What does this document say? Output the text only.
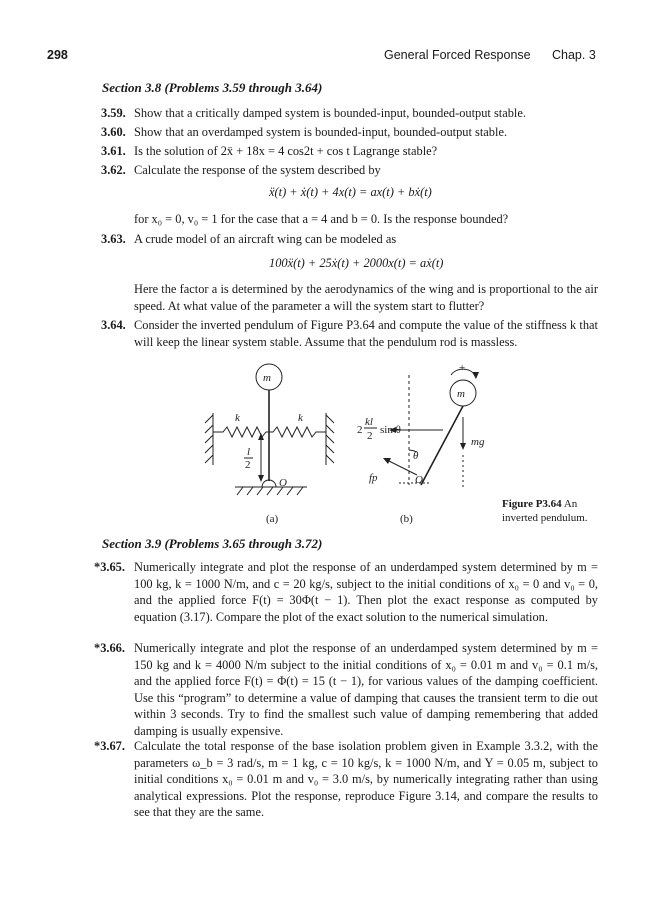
298	General Forced Response Chap. 3
Section 3.8 (Problems 3.59 through 3.64)
3.59. Show that a critically damped system is bounded-input, bounded-output stable.
3.60. Show that an overdamped system is bounded-input, bounded-output stable.
3.61. Is the solution of 2ẍ + 18x = 4 cos2t + cos t Lagrange stable?
3.62. Calculate the response of the system described by
ẍ(t) + ẋ(t) + 4x(t) = ax(t) + bẋ(t)
for x₀ = 0, v₀ = 1 for the case that a = 4 and b = 0. Is the response bounded?
3.63. A crude model of an aircraft wing can be modeled as
100ẍ(t) + 25ẋ(t) + 2000x(t) = aẋ(t)
Here the factor a is determined by the aerodynamics of the wing and is proportional to the air speed. At what value of the parameter a will the system start to flutter?
3.64. Consider the inverted pendulum of Figure P3.64 and compute the value of the stiffness k that will keep the linear system stable. Assume that the pendulum rod is massless.
m
k	k
l
2
O
m
+
2
kl
2 sin θ
θ
mg
fp	O
(a)	(b)
Figure P3.64 An inverted pendulum.
Section 3.9 (Problems 3.65 through 3.72)
*3.65. Numerically integrate and plot the response of an underdamped system determined by m = 100 kg, k = 1000 N/m, and c = 20 kg/s, subject to the initial conditions of x₀ = 0 and v₀ = 0, and the applied force F(t) = 30Φ(t − 1). Then plot the exact response as computed by equation (3.17). Compare the plot of the exact solution to the numerical simulation.
*3.66. Numerically integrate and plot the response of an underdamped system determined by m = 150 kg and k = 4000 N/m subject to the initial conditions of x₀ = 0.01 m and v₀ = 0.1 m/s, and the applied force F(t) = Φ(t) = 15 (t − 1), for various values of the damping coefficient. Use this “program” to determine a value of damping that causes the transient term to die out within 3 seconds. Try to find the smallest such value of damping remembering that added damping is usually expensive.
*3.67. Calculate the total response of the base isolation problem given in Example 3.3.2, with the parameters ω_b = 3 rad/s, m = 1 kg, c = 10 kg/s, k = 1000 N/m, and Y = 0.05 m, subject to initial conditions x₀ = 0.01 m and v₀ = 3.0 m/s, by numerically integrating rather than using analytical expressions. Plot the response, reproduce Figure 3.14, and compare the results to see that they are the same.
